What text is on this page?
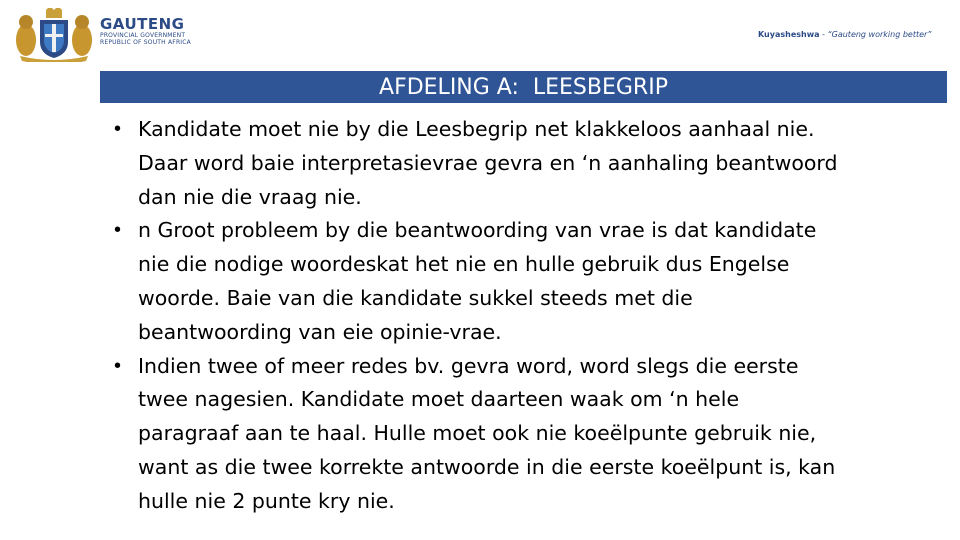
GAUTENG
PROVINCIAL GOVERNMENT
REPUBLIC OF SOUTH AFRICA
Kuyasheshwa - “Gauteng working better”
AFDELING A:  LEESBEGRIP
• Kandidate moet nie by die Leesbegrip net klakkeloos aanhaal nie.
Daar word baie interpretasievrae gevra en ‘n aanhaling beantwoord
dan nie die vraag nie.
• n Groot probleem by die beantwoording van vrae is dat kandidate
nie die nodige woordeskat het nie en hulle gebruik dus Engelse
woorde. Baie van die kandidate sukkel steeds met die
beantwoording van eie opinie-vrae.
• Indien twee of meer redes bv. gevra word, word slegs die eerste
twee nagesien. Kandidate moet daarteen waak om ‘n hele
paragraaf aan te haal. Hulle moet ook nie koeëlpunte gebruik nie,
want as die twee korrekte antwoorde in die eerste koeëlpunt is, kan
hulle nie 2 punte kry nie.
